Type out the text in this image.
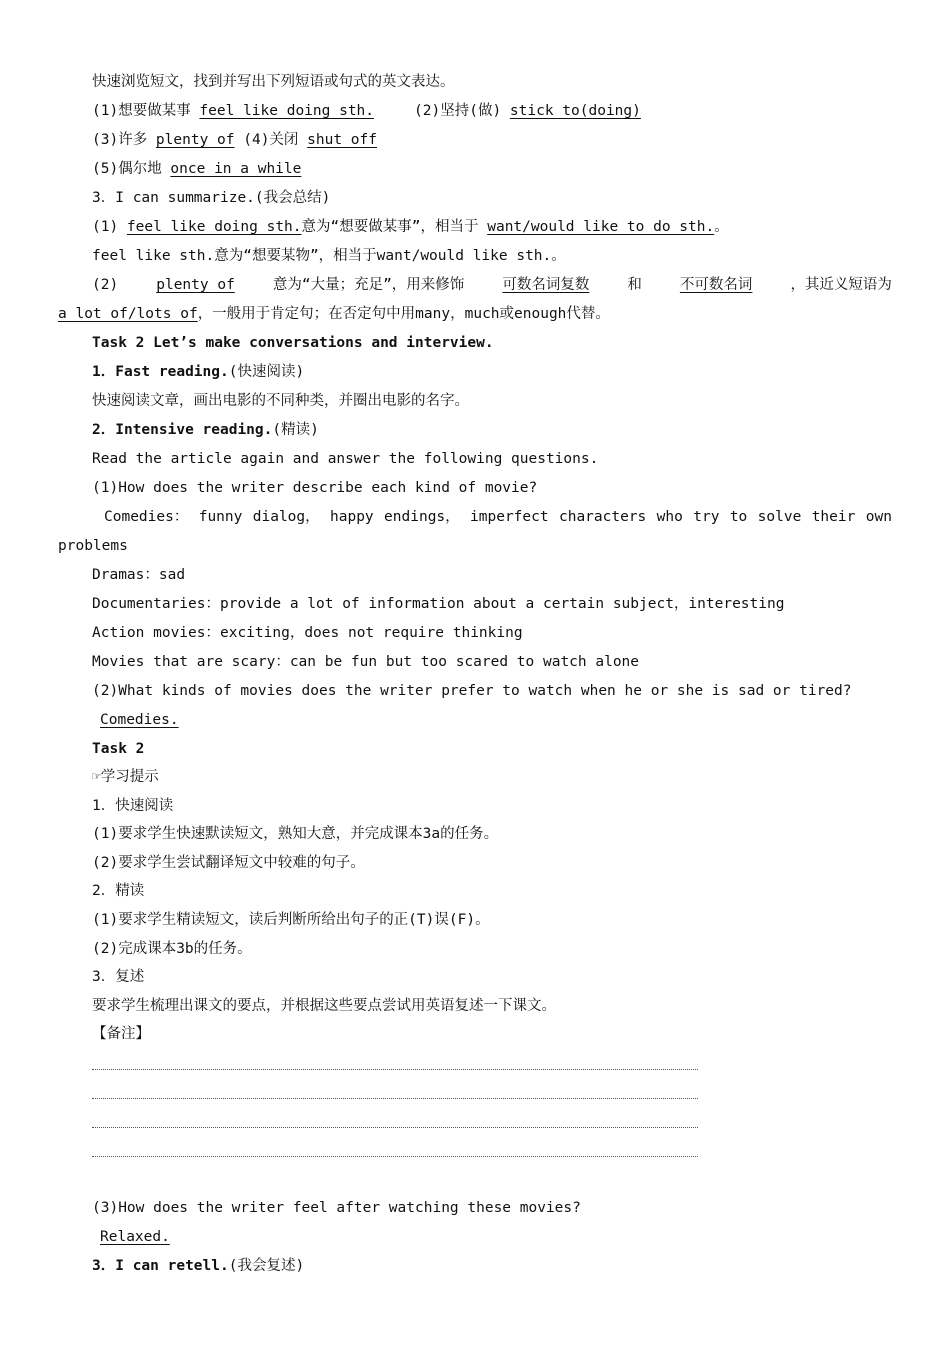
快速浏览短文，找到并写出下列短语或句式的英文表达。
(1)想要做某事 feel like doing sth.	(2)坚持(做) stick to(doing)
(3)许多 plenty of (4)关闭 shut off
(5)偶尔地 once in a while
3．I can summarize.(我会总结)
(1) feel like doing sth.意为“想要做某事”，相当于 want/would like to do sth.。
feel like sth.意为“想要某物”，相当于want/would like sth.。
(2)	plenty of	意为“大量；充足”，用来修饰	可数名词复数	和	不可数名词	，其近义短语为
a lot of/lots of，一般用于肯定句；在否定句中用many，much或enough代替。
Task 2 Let’s make conversations and interview.
1．Fast reading.(快速阅读)
快速阅读文章，画出电影的不同种类，并圈出电影的名字。
2．Intensive reading.(精读)
Read the article again and answer the following questions.
(1)How does the writer describe each kind of movie?
Comedies： funny dialog， happy endings， imperfect characters who try to solve their own
problems
Dramas：sad
Documentaries：provide a lot of information about a certain subject，interesting
Action movies：exciting，does not require thinking
Movies that are scary：can be fun but too scared to watch alone
(2)What kinds of movies does the writer prefer to watch when he or she is sad or tired?
Comedies.
Task 2
☞学习提示
1．快速阅读
(1)要求学生快速默读短文，熟知大意，并完成课本3a的任务。
(2)要求学生尝试翻译短文中较难的句子。
2．精读
(1)要求学生精读短文，读后判断所给出句子的正(T)误(F)。
(2)完成课本3b的任务。
3．复述
要求学生梳理出课文的要点，并根据这些要点尝试用英语复述一下课文。
【备注】
(3)How does the writer feel after watching these movies?
Relaxed.
3．I can retell.(我会复述)
